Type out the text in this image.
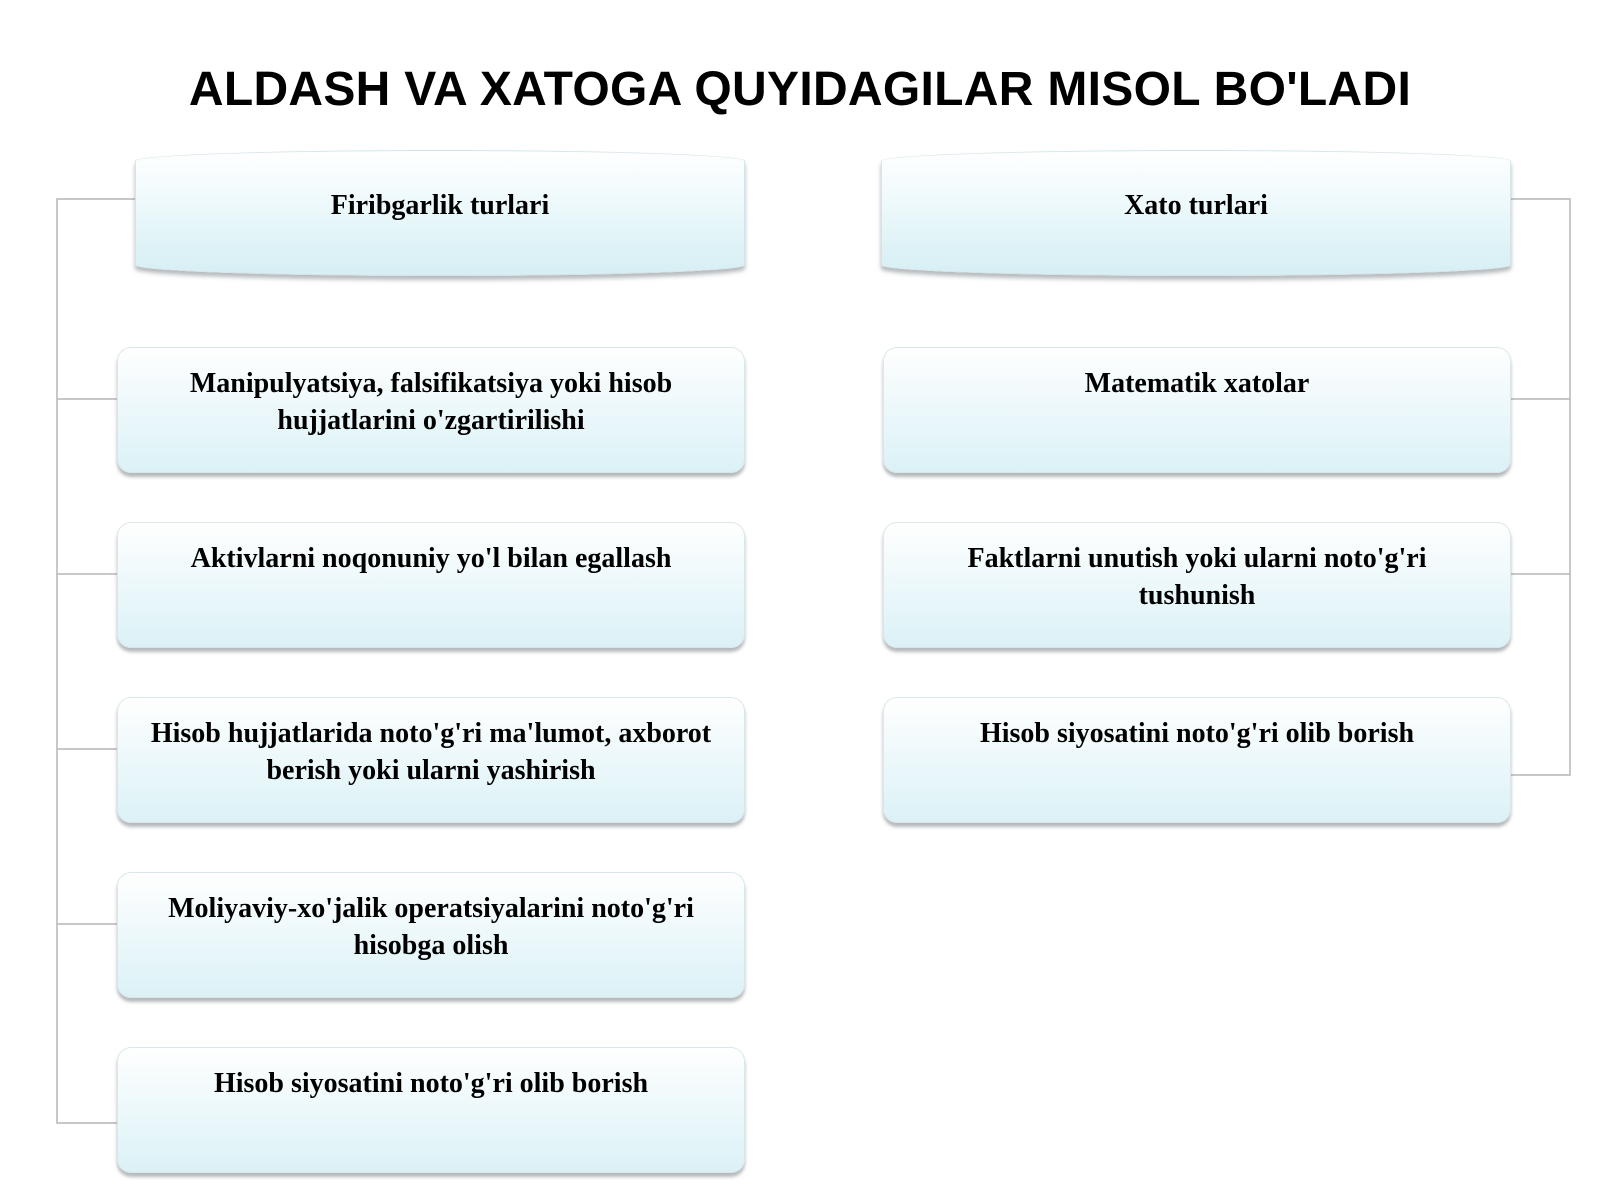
ALDASH VA XATOGA QUYIDAGILAR MISOL BO'LADI
Firibgarlik turlari
Manipulyatsiya, falsifikatsiya yoki hisob hujjatlarini o'zgartirilishi
Aktivlarni noqonuniy yo'l bilan egallash
Hisob hujjatlarida noto'g'ri ma'lumot, axborot berish yoki ularni yashirish
Moliyaviy-xo'jalik operatsiyalarini noto'g'ri hisobga olish
Hisob siyosatini noto'g'ri olib borish
Xato turlari
Matematik xatolar
Faktlarni unutish yoki ularni noto'g'ri tushunish
Hisob siyosatini noto'g'ri olib borish
